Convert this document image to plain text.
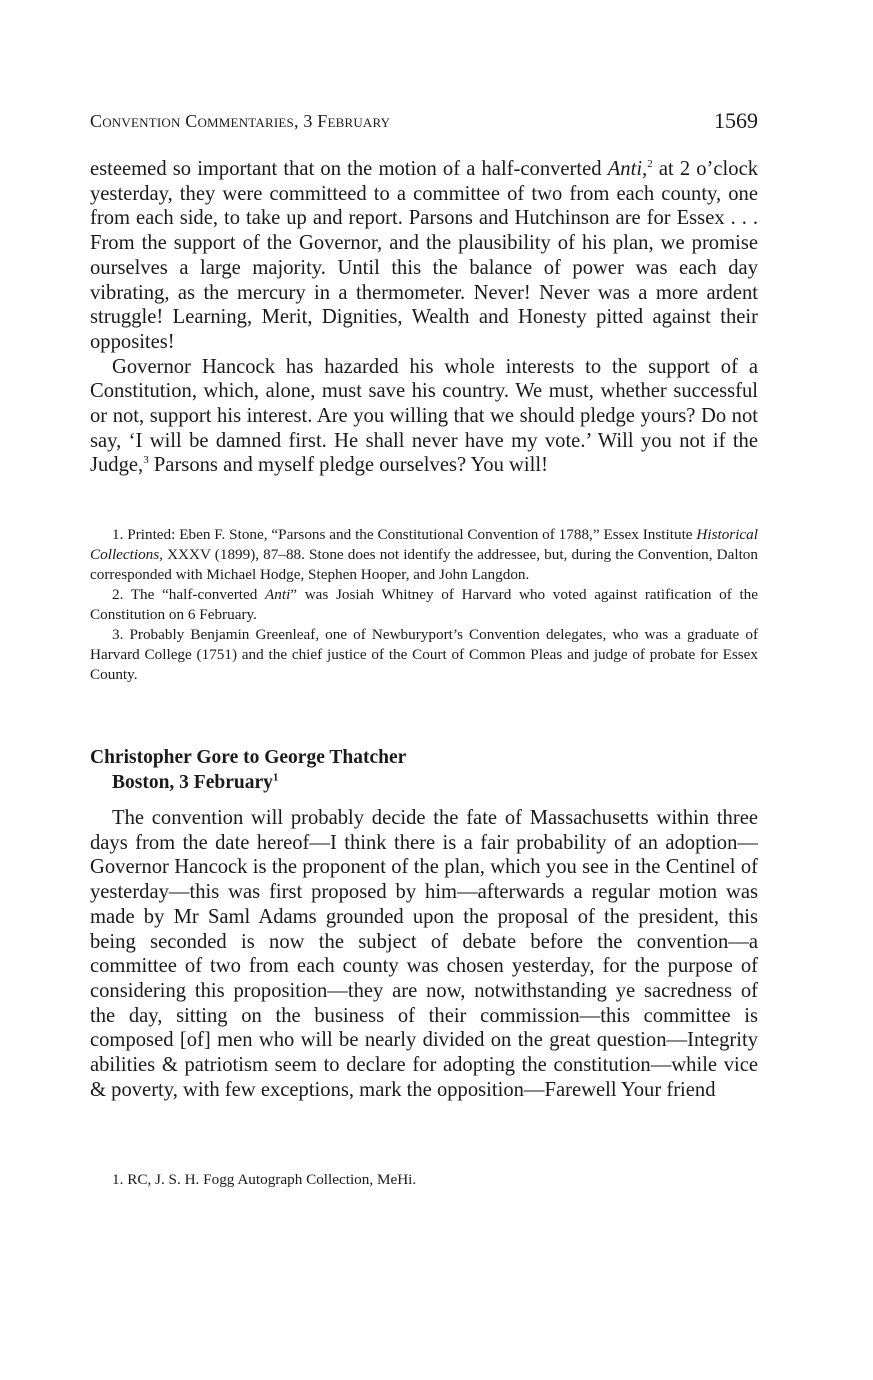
Convention Commentaries, 3 February	1569

esteemed so important that on the motion of a half-converted Anti,$^2$ at 2 o’clock yesterday, they were committeed to a committee of two from each county, one from each side, to take up and report. Parsons and Hutchinson are for Essex . . . From the support of the Governor, and the plausibility of his plan, we promise ourselves a large majority. Until this the balance of power was each day vibrating, as the mercury in a thermometer. Never! Never was a more ardent struggle! Learning, Merit, Dignities, Wealth and Honesty pitted against their opposites!

Governor Hancock has hazarded his whole interests to the support of a Constitution, which, alone, must save his country. We must, whether successful or not, support his interest. Are you willing that we should pledge yours? Do not say, ‘I will be damned first. He shall never have my vote.’ Will you not if the Judge,$^3$ Parsons and myself pledge ourselves? You will!

1. Printed: Eben F. Stone, “Parsons and the Constitutional Convention of 1788,” Essex Institute Historical Collections, XXXV (1899), 87–88. Stone does not identify the addressee, but, during the Convention, Dalton corresponded with Michael Hodge, Stephen Hooper, and John Langdon.

2. The “half-converted Anti” was Josiah Whitney of Harvard who voted against ratification of the Constitution on 6 February.

3. Probably Benjamin Greenleaf, one of Newburyport’s Convention delegates, who was a graduate of Harvard College (1751) and the chief justice of the Court of Common Pleas and judge of probate for Essex County.

Christopher Gore to George Thatcher
Boston, 3 February$^1$

The convention will probably decide the fate of Massachusetts within three days from the date hereof—I think there is a fair probability of an adoption—Governor Hancock is the proponent of the plan, which you see in the Centinel of yesterday—this was first proposed by him—afterwards a regular motion was made by Mr Saml Adams grounded upon the proposal of the president, this being seconded is now the subject of debate before the convention—a committee of two from each county was chosen yesterday, for the purpose of considering this proposition—they are now, notwithstanding ye sacredness of the day, sitting on the business of their commission—this committee is composed [of] men who will be nearly divided on the great question—Integrity abilities & patriotism seem to declare for adopting the constitution—while vice & poverty, with few exceptions, mark the opposition—Farewell Your friend

1. RC, J. S. H. Fogg Autograph Collection, MeHi.
